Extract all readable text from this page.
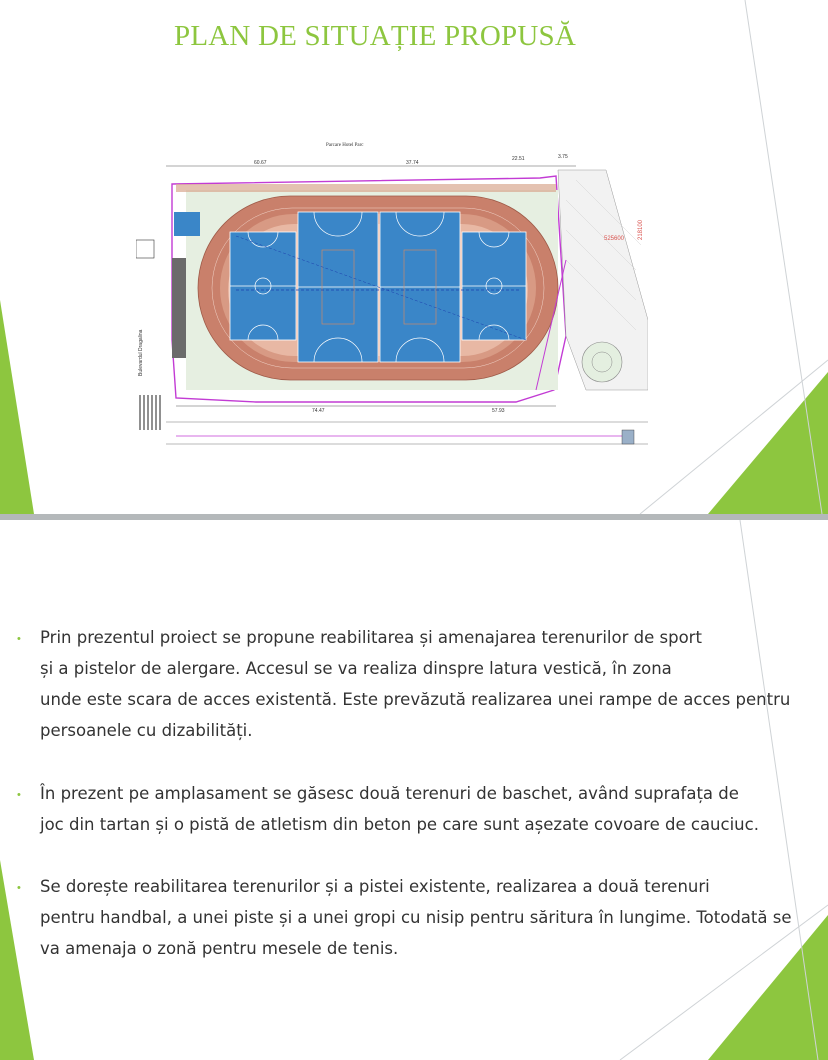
PLAN DE SITUAȚIE PROPUSĂ
Parcare Hotel Parc
60.67	37.74
22.51	3.75
Bulevardul Dragalina
525600 218100
74.47	57.93
• Prin prezentul proiect se propune reabilitarea și amenajarea terenurilor de sport
și a pistelor de alergare. Accesul se va realiza dinspre latura vestică, în zona
unde este scara de acces existentă. Este prevăzută realizarea unei rampe de acces pentru
persoanele cu dizabilități.
• În prezent pe amplasament se găsesc două terenuri de baschet, având suprafața de
joc din tartan și o pistă de atletism din beton pe care sunt așezate covoare de cauciuc.
• Se dorește reabilitarea terenurilor și a pistei existente, realizarea a două terenuri
pentru handbal, a unei piste și a unei gropi cu nisip pentru săritura în lungime. Totodată se
va amenaja o zonă pentru mesele de tenis.
